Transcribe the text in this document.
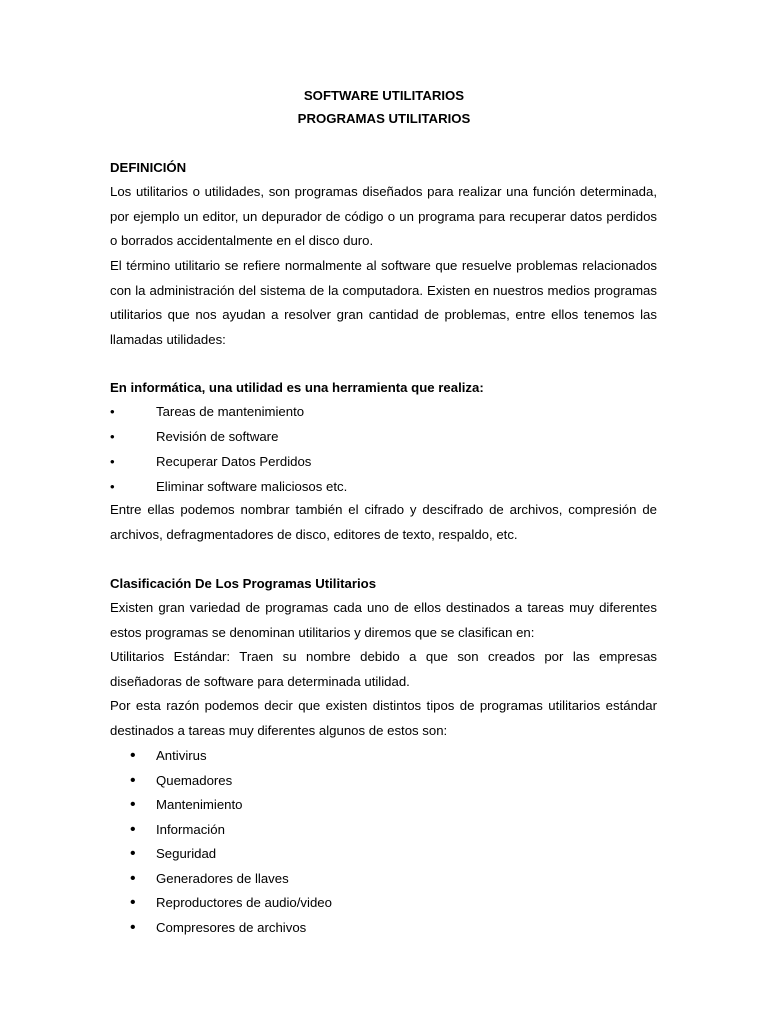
SOFTWARE UTILITARIOS

PROGRAMAS UTILITARIOS

DEFINICIÓN

Los utilitarios o utilidades, son programas diseñados para realizar una función determinada, por ejemplo un editor, un depurador de código o un programa para recuperar datos perdidos o borrados accidentalmente en el disco duro.

El término utilitario se refiere normalmente al software que resuelve problemas relacionados con la administración del sistema de la computadora. Existen en nuestros medios programas utilitarios que nos ayudan a resolver gran cantidad de problemas, entre ellos tenemos las llamadas utilidades:

En informática, una utilidad es una herramienta que realiza:

•	Tareas de mantenimiento
•	Revisión de software
•	Recuperar Datos Perdidos
•	Eliminar software maliciosos etc.

Entre ellas podemos nombrar también el cifrado y descifrado de archivos, compresión de archivos, defragmentadores de disco, editores de texto, respaldo, etc.

Clasificación De Los Programas Utilitarios

Existen gran variedad de programas cada uno de ellos destinados a tareas muy diferentes estos programas se denominan utilitarios y diremos que se clasifican en:

Utilitarios Estándar: Traen su nombre debido a que son creados por las empresas diseñadoras de software para determinada utilidad.

Por esta razón podemos decir que existen distintos tipos de programas utilitarios estándar destinados a tareas muy diferentes algunos de estos son:

•	Antivirus
•	Quemadores
•	Mantenimiento
•	Información
•	Seguridad
•	Generadores de llaves
•	Reproductores de audio/video
•	Compresores de archivos
